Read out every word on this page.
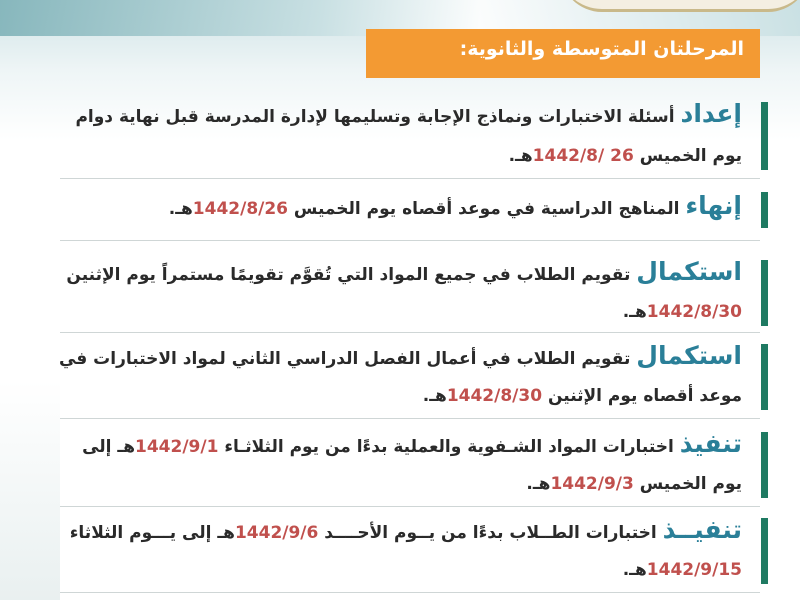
المرحلتان المتوسطة والثانوية:
إعداد أسئلة الاختبارات ونماذج الإجابة وتسليمها لإدارة المدرسة قبل نهاية دوام
يوم الخميس 26 /1442/8هـ.
إنهاء المناهج الدراسية في موعد أقصاه يوم الخميس 1442/8/26هـ.
استكمال تقويم الطلاب في جميع المواد التي تُقوَّم تقويمًا مستمراً يوم الإثنين
1442/8/30هـ.
استكمال تقويم الطلاب في أعمال الفصل الدراسي الثاني لمواد الاختبارات في
موعد أقصاه يوم الإثنين 1442/8/30هـ.
تنفيذ اختبارات المواد الشـفوية والعملية بدءًا من يوم الثلاثـاء 1442/9/1هـ إلى
يوم الخميس 1442/9/3هـ.
تنفيــذ اختبارات الطــلاب بدءًا من يــوم الأحــــد 1442/9/6هـ إلى يـــوم الثلاثاء
1442/9/15هـ.
